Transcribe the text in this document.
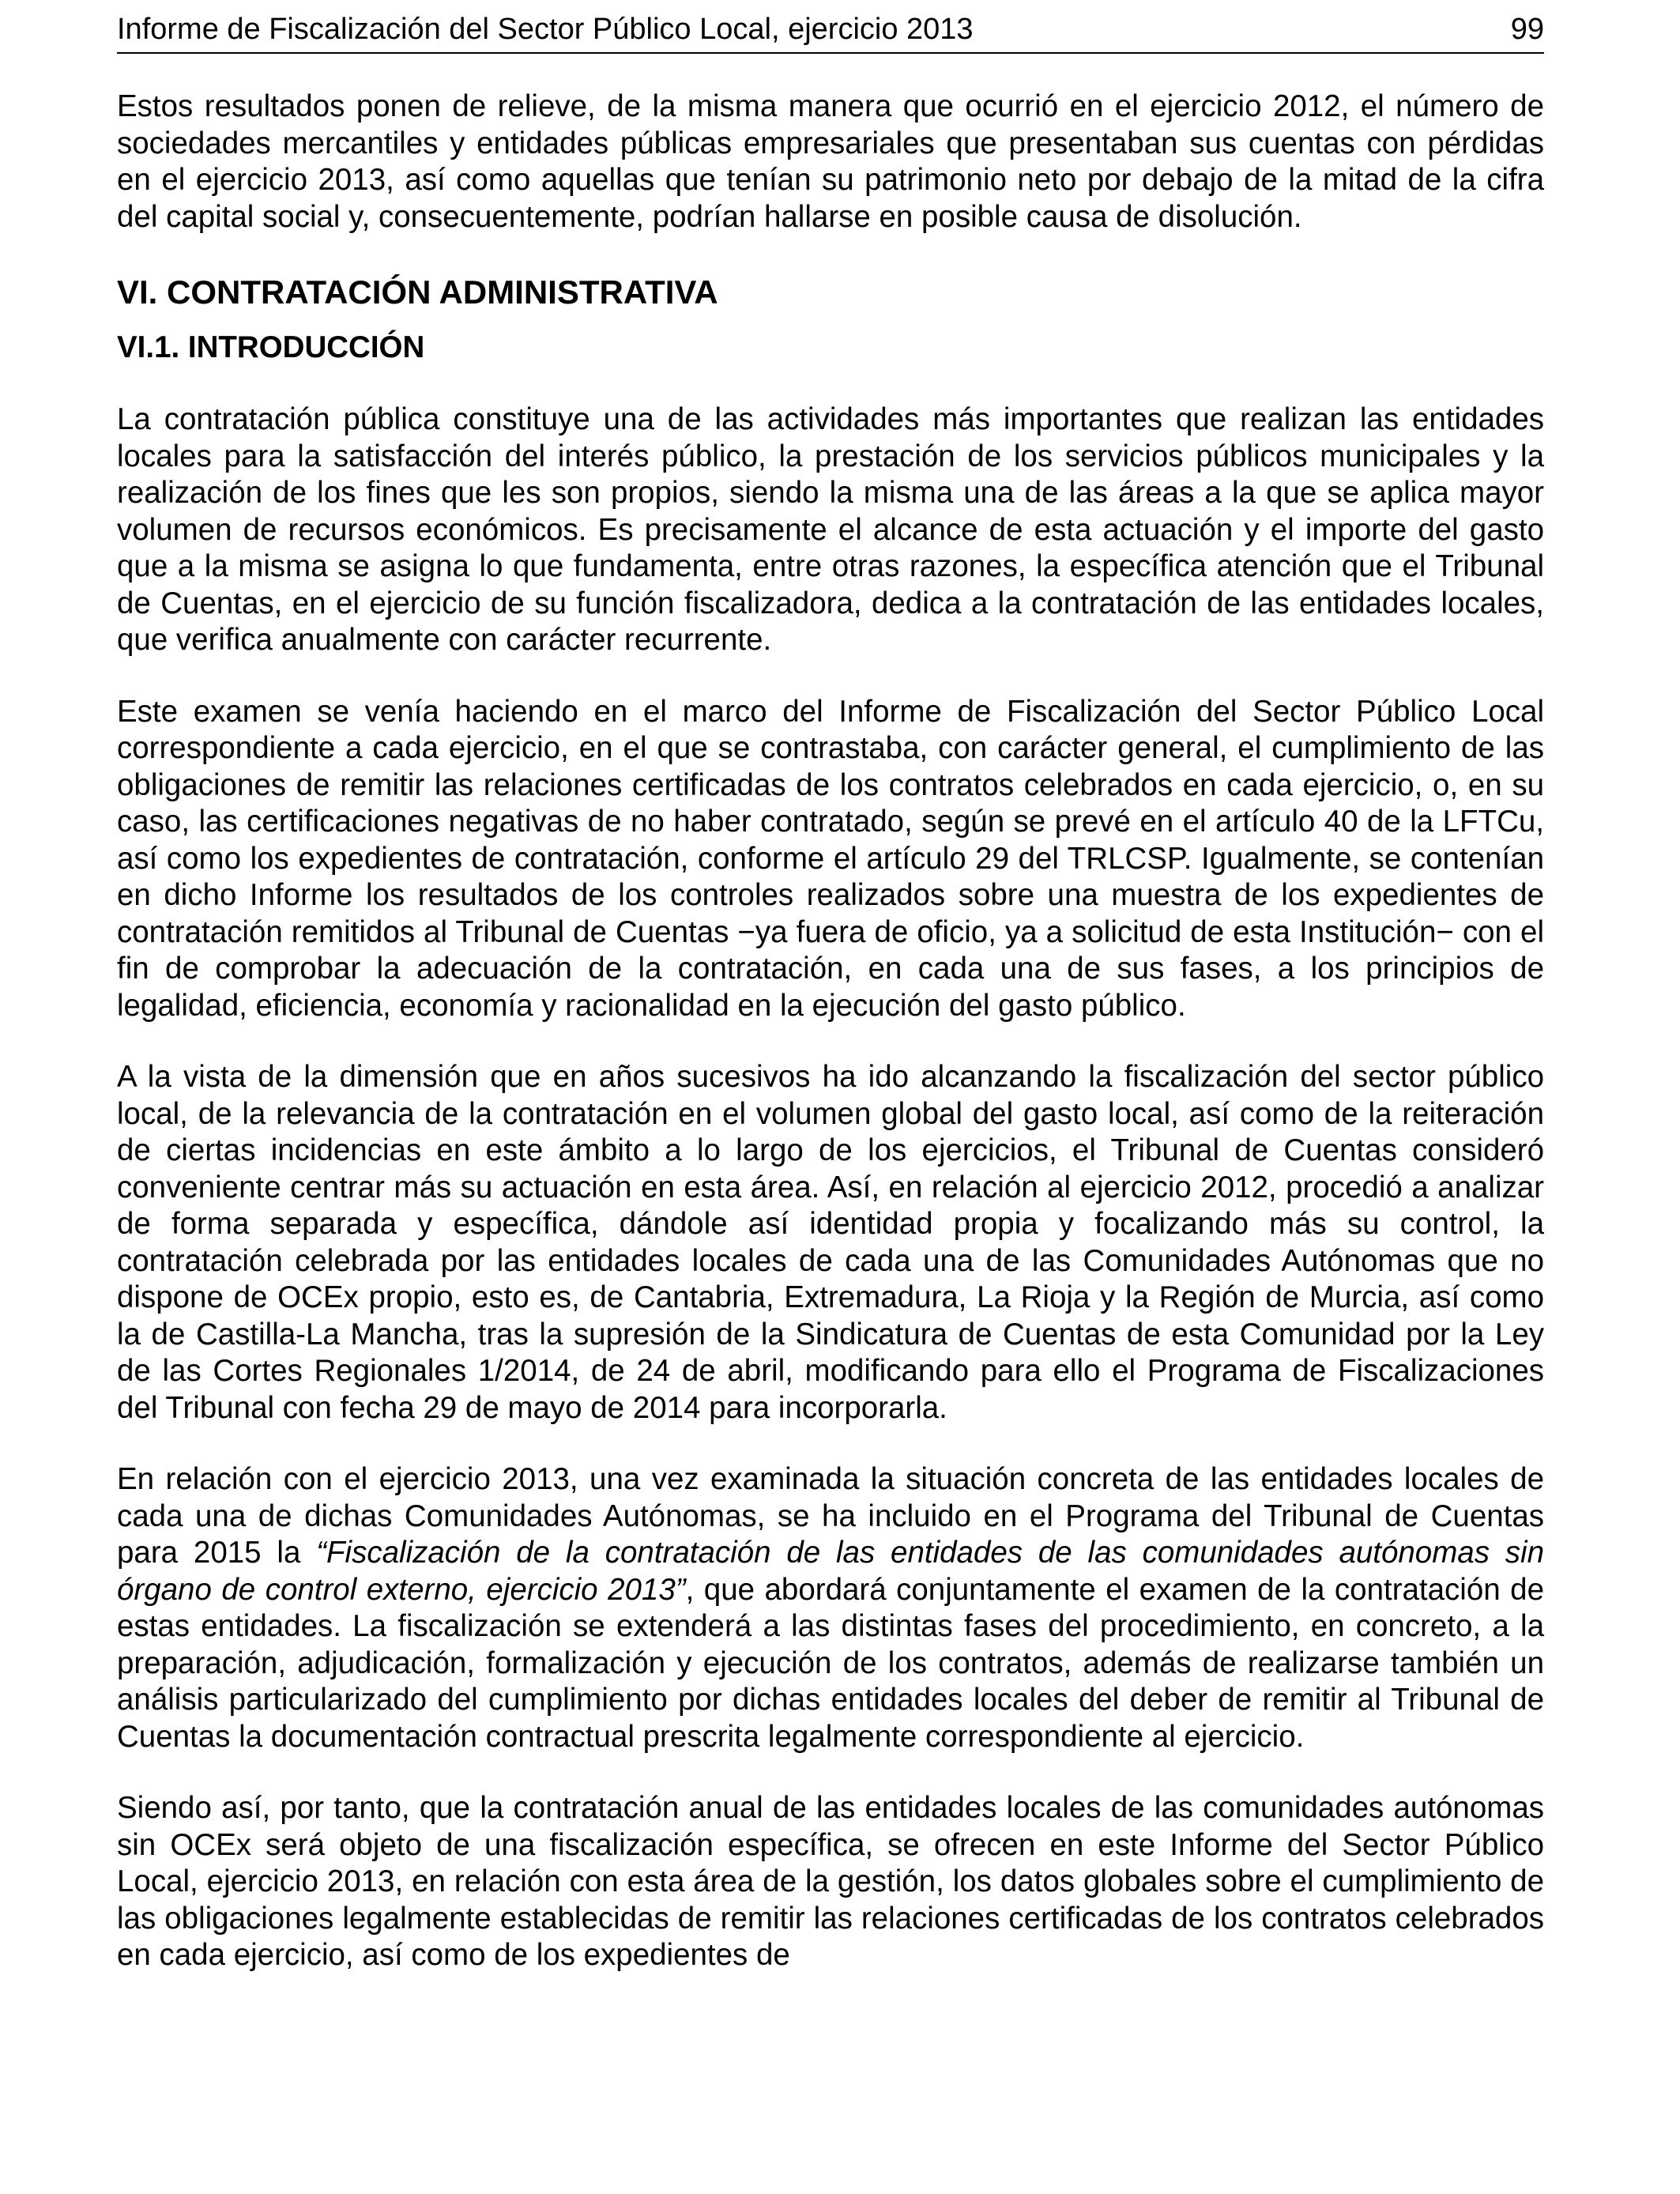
Informe de Fiscalización del Sector Público Local, ejercicio 2013	99

Estos resultados ponen de relieve, de la misma manera que ocurrió en el ejercicio 2012, el número de sociedades mercantiles y entidades públicas empresariales que presentaban sus cuentas con pérdidas en el ejercicio 2013, así como aquellas que tenían su patrimonio neto por debajo de la mitad de la cifra del capital social y, consecuentemente, podrían hallarse en posible causa de disolución.

VI. CONTRATACIÓN ADMINISTRATIVA
VI.1. INTRODUCCIÓN

La contratación pública constituye una de las actividades más importantes que realizan las entidades locales para la satisfacción del interés público, la prestación de los servicios públicos municipales y la realización de los fines que les son propios, siendo la misma una de las áreas a la que se aplica mayor volumen de recursos económicos. Es precisamente el alcance de esta actuación y el importe del gasto que a la misma se asigna lo que fundamenta, entre otras razones, la específica atención que el Tribunal de Cuentas, en el ejercicio de su función fiscalizadora, dedica a la contratación de las entidades locales, que verifica anualmente con carácter recurrente.

Este examen se venía haciendo en el marco del Informe de Fiscalización del Sector Público Local correspondiente a cada ejercicio, en el que se contrastaba, con carácter general, el cumplimiento de las obligaciones de remitir las relaciones certificadas de los contratos celebrados en cada ejercicio, o, en su caso, las certificaciones negativas de no haber contratado, según se prevé en el artículo 40 de la LFTCu, así como los expedientes de contratación, conforme el artículo 29 del TRLCSP. Igualmente, se contenían en dicho Informe los resultados de los controles realizados sobre una muestra de los expedientes de contratación remitidos al Tribunal de Cuentas −ya fuera de oficio, ya a solicitud de esta Institución− con el fin de comprobar la adecuación de la contratación, en cada una de sus fases, a los principios de legalidad, eficiencia, economía y racionalidad en la ejecución del gasto público.

A la vista de la dimensión que en años sucesivos ha ido alcanzando la fiscalización del sector público local, de la relevancia de la contratación en el volumen global del gasto local, así como de la reiteración de ciertas incidencias en este ámbito a lo largo de los ejercicios, el Tribunal de Cuentas consideró conveniente centrar más su actuación en esta área. Así, en relación al ejercicio 2012, procedió a analizar de forma separada y específica, dándole así identidad propia y focalizando más su control, la contratación celebrada por las entidades locales de cada una de las Comunidades Autónomas que no dispone de OCEx propio, esto es, de Cantabria, Extremadura, La Rioja y la Región de Murcia, así como la de Castilla-La Mancha, tras la supresión de la Sindicatura de Cuentas de esta Comunidad por la Ley de las Cortes Regionales 1/2014, de 24 de abril, modificando para ello el Programa de Fiscalizaciones del Tribunal con fecha 29 de mayo de 2014 para incorporarla.

En relación con el ejercicio 2013, una vez examinada la situación concreta de las entidades locales de cada una de dichas Comunidades Autónomas, se ha incluido en el Programa del Tribunal de Cuentas para 2015 la “Fiscalización de la contratación de las entidades de las comunidades autónomas sin órgano de control externo, ejercicio 2013”, que abordará conjuntamente el examen de la contratación de estas entidades. La fiscalización se extenderá a las distintas fases del procedimiento, en concreto, a la preparación, adjudicación, formalización y ejecución de los contratos, además de realizarse también un análisis particularizado del cumplimiento por dichas entidades locales del deber de remitir al Tribunal de Cuentas la documentación contractual prescrita legalmente correspondiente al ejercicio.

Siendo así, por tanto, que la contratación anual de las entidades locales de las comunidades autónomas sin OCEx será objeto de una fiscalización específica, se ofrecen en este Informe del Sector Público Local, ejercicio 2013, en relación con esta área de la gestión, los datos globales sobre el cumplimiento de las obligaciones legalmente establecidas de remitir las relaciones certificadas de los contratos celebrados en cada ejercicio, así como de los expedientes de
